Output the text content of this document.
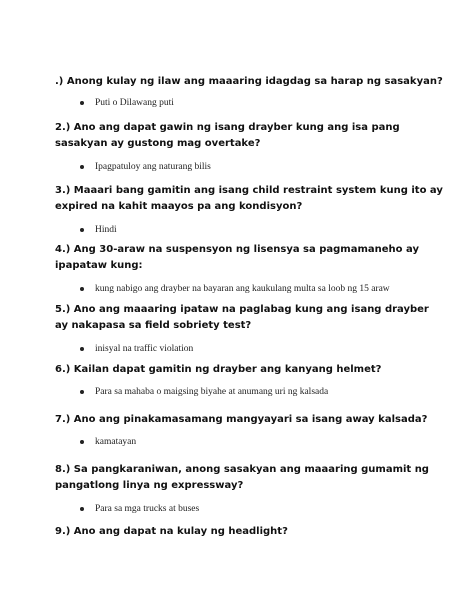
.) Anong kulay ng ilaw ang maaaring idagdag sa harap ng sasakyan?

Puti o Dilawang puti

2.) Ano ang dapat gawin ng isang drayber kung ang isa pang sasakyan ay gustong mag overtake?

Ipagpatuloy ang naturang bilis

3.) Maaari bang gamitin ang isang child restraint system kung ito ay expired na kahit maayos pa ang kondisyon?

Hindi

4.) Ang 30-araw na suspensyon ng lisensya sa pagmamaneho ay ipapataw kung:

kung nabigo ang drayber na bayaran ang kaukulang multa sa loob ng 15 araw

5.) Ano ang maaaring ipataw na paglabag kung ang isang drayber ay nakapasa sa field sobriety test?

inisyal na traffic violation

6.) Kailan dapat gamitin ng drayber ang kanyang helmet?

Para sa mahaba o maigsing biyahe at anumang uri ng kalsada

7.) Ano ang pinakamasamang mangyayari sa isang away kalsada?

kamatayan

8.) Sa pangkaraniwan, anong sasakyan ang maaaring gumamit ng pangatlong linya ng expressway?

Para sa mga trucks at buses

9.) Ano ang dapat na kulay ng headlight?
